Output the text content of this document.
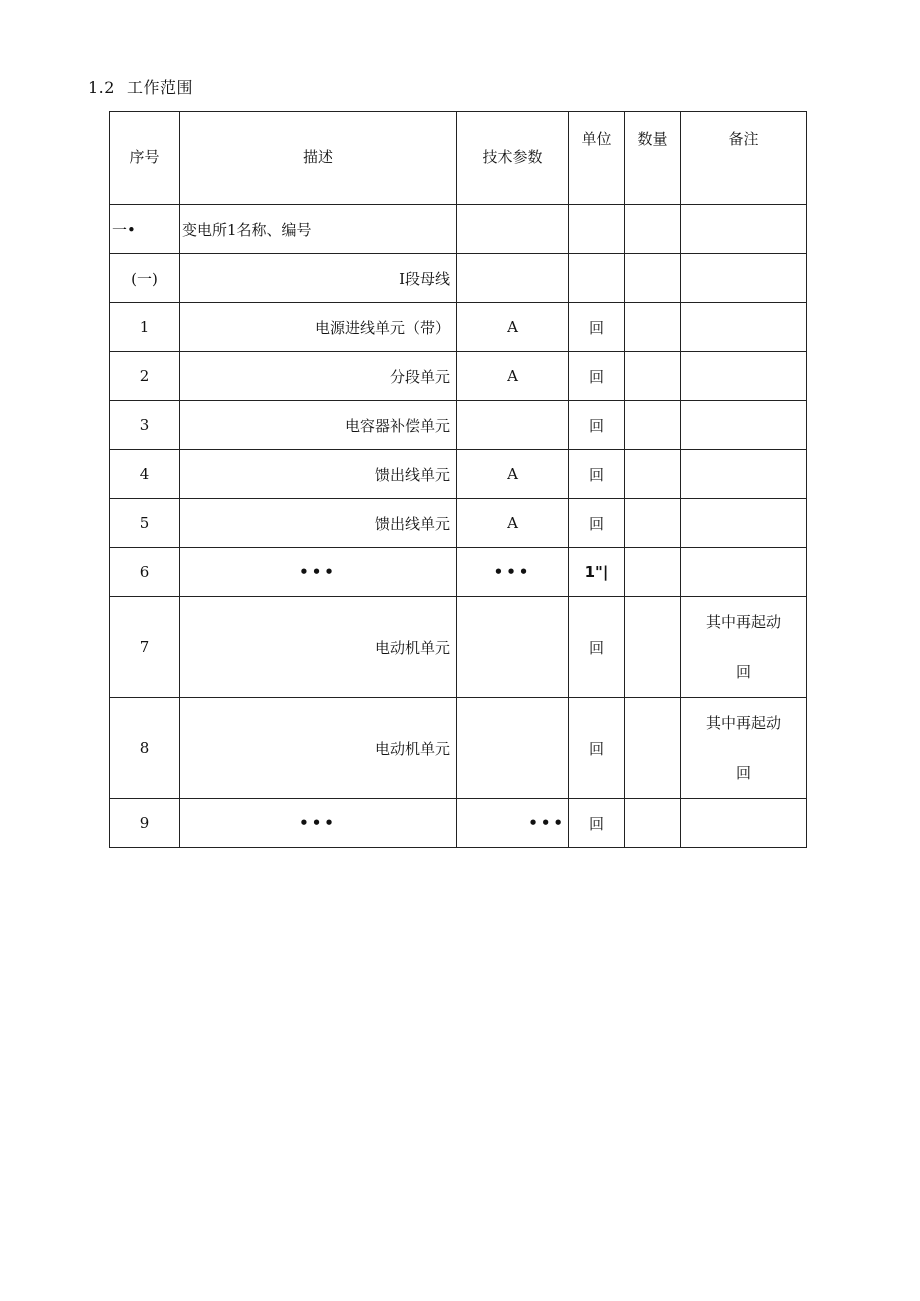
1.2 工作范围
序号	描述	技术参数	单位	数量	备注
一•	变电所1名称、编号				
(一)	I段母线				
1	电源进线单元（带）	A	回		
2	分段单元	A	回		
3	电容器补偿单元		回		
4	馈出线单元	A	回		
5	馈出线单元	A	回		
6	•••	•••	1"|		
7	电动机单元		回		其中再起动
回

8	电动机单元		回		其中再起动
回

9	•••	•••	回		
